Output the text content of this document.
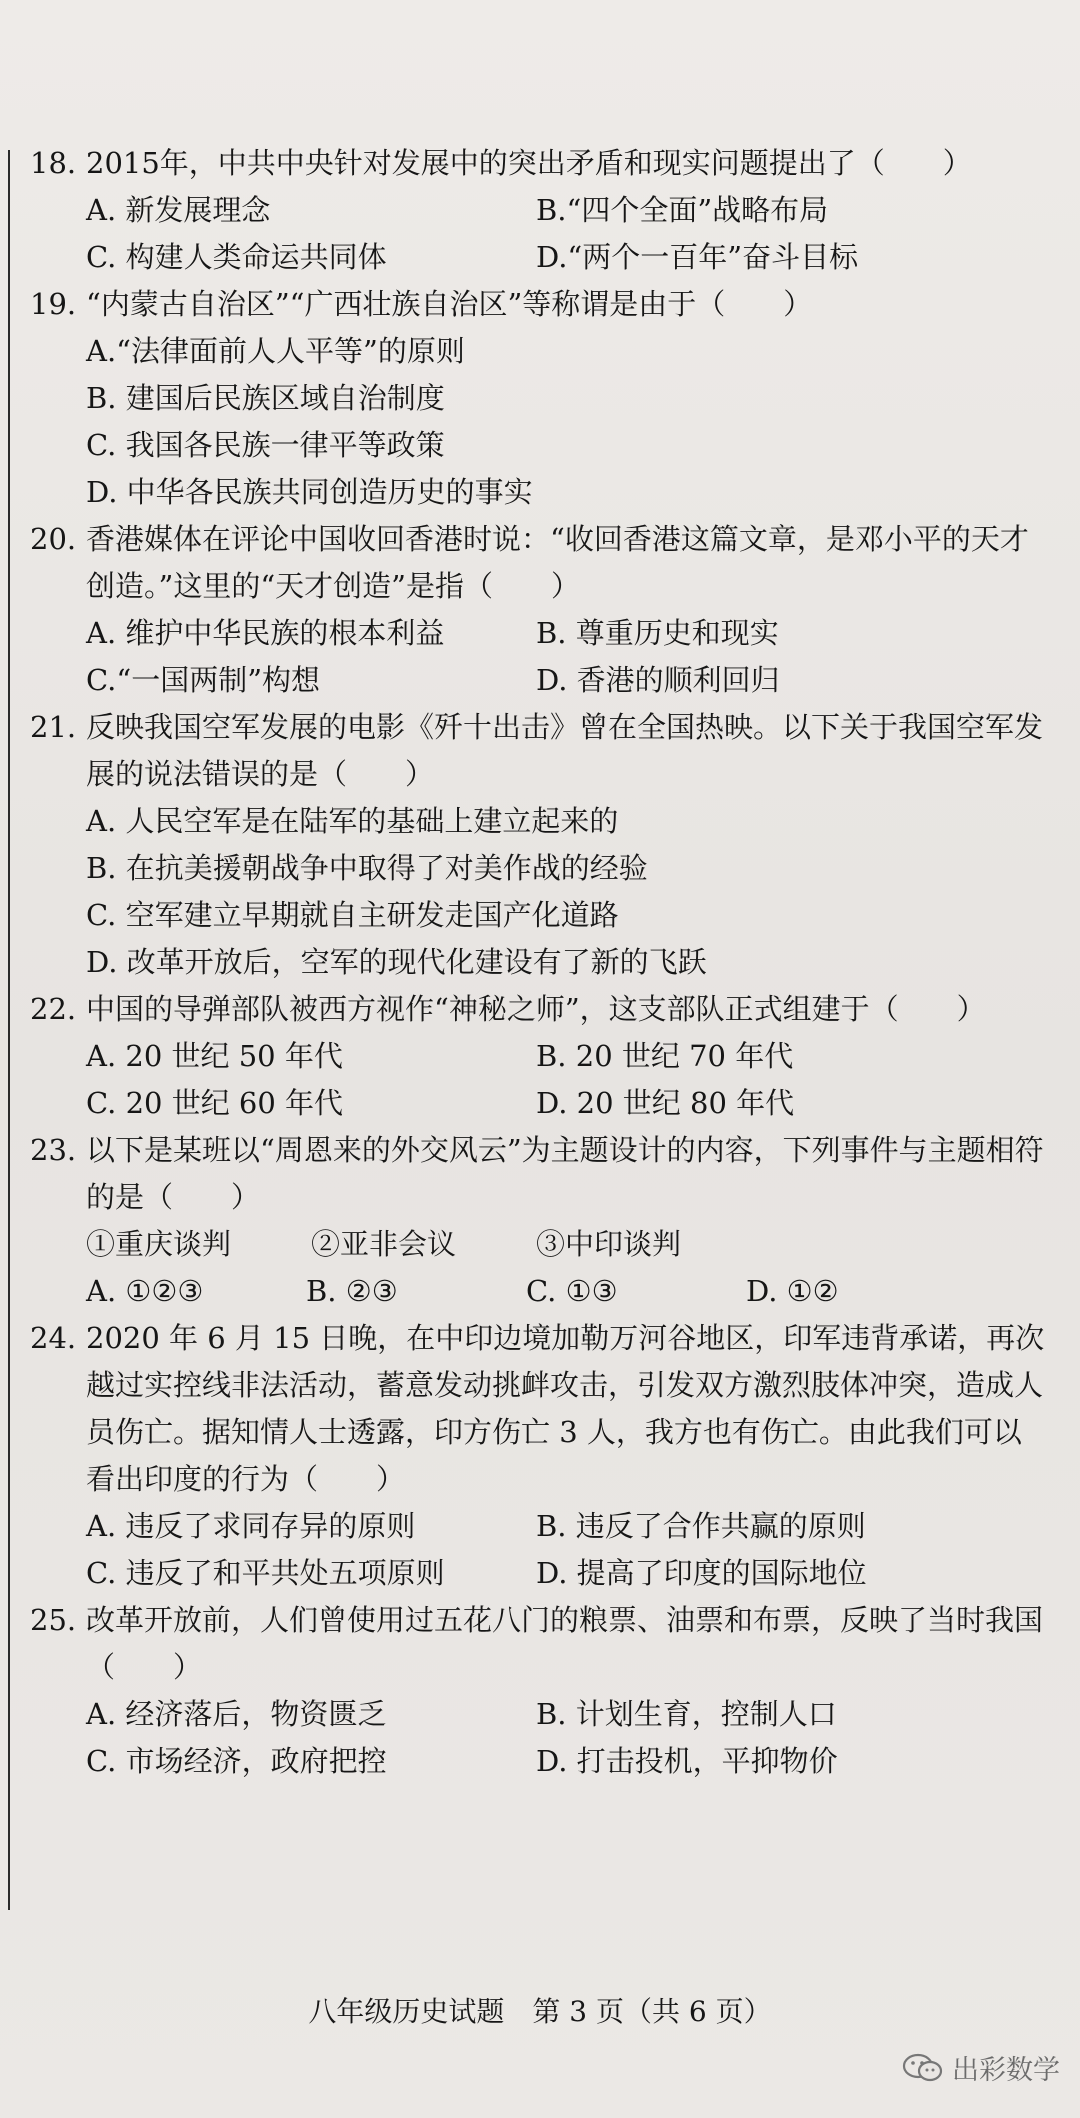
18. 2015年，中共中央针对发展中的突出矛盾和现实问题提出了（　　）
A. 新发展理念	B.“四个全面”战略布局
C. 构建人类命运共同体	D.“两个一百年”奋斗目标
19. “内蒙古自治区”“广西壮族自治区”等称谓是由于（　　）
A.“法律面前人人平等”的原则
B. 建国后民族区域自治制度
C. 我国各民族一律平等政策
D. 中华各民族共同创造历史的事实
20. 香港媒体在评论中国收回香港时说：“收回香港这篇文章，是邓小平的天才创造。”这里的“天才创造”是指（　　）
A. 维护中华民族的根本利益	B. 尊重历史和现实
C.“一国两制”构想	D. 香港的顺利回归
21. 反映我国空军发展的电影《歼十出击》曾在全国热映。以下关于我国空军发展的说法错误的是（　　）
A. 人民空军是在陆军的基础上建立起来的
B. 在抗美援朝战争中取得了对美作战的经验
C. 空军建立早期就自主研发走国产化道路
D. 改革开放后，空军的现代化建设有了新的飞跃
22. 中国的导弹部队被西方视作“神秘之师”，这支部队正式组建于（　　）
A. 20 世纪 50 年代	B. 20 世纪 70 年代
C. 20 世纪 60 年代	D. 20 世纪 80 年代
23. 以下是某班以“周恩来的外交风云”为主题设计的内容，下列事件与主题相符的是（　　）
①重庆谈判	②亚非会议	③中印谈判
A. ①②③	B. ②③	C. ①③	D. ①②
24. 2020 年 6 月 15 日晚，在中印边境加勒万河谷地区，印军违背承诺，再次越过实控线非法活动，蓄意发动挑衅攻击，引发双方激烈肢体冲突，造成人员伤亡。据知情人士透露，印方伤亡 3 人，我方也有伤亡。由此我们可以看出印度的行为（　　）
A. 违反了求同存异的原则	B. 违反了合作共赢的原则
C. 违反了和平共处五项原则	D. 提高了印度的国际地位
25. 改革开放前，人们曾使用过五花八门的粮票、油票和布票，反映了当时我国（　　）
A. 经济落后，物资匮乏	B. 计划生育，控制人口
C. 市场经济，政府把控	D. 打击投机，平抑物价
八年级历史试题　第 3 页（共 6 页）
出彩数学
